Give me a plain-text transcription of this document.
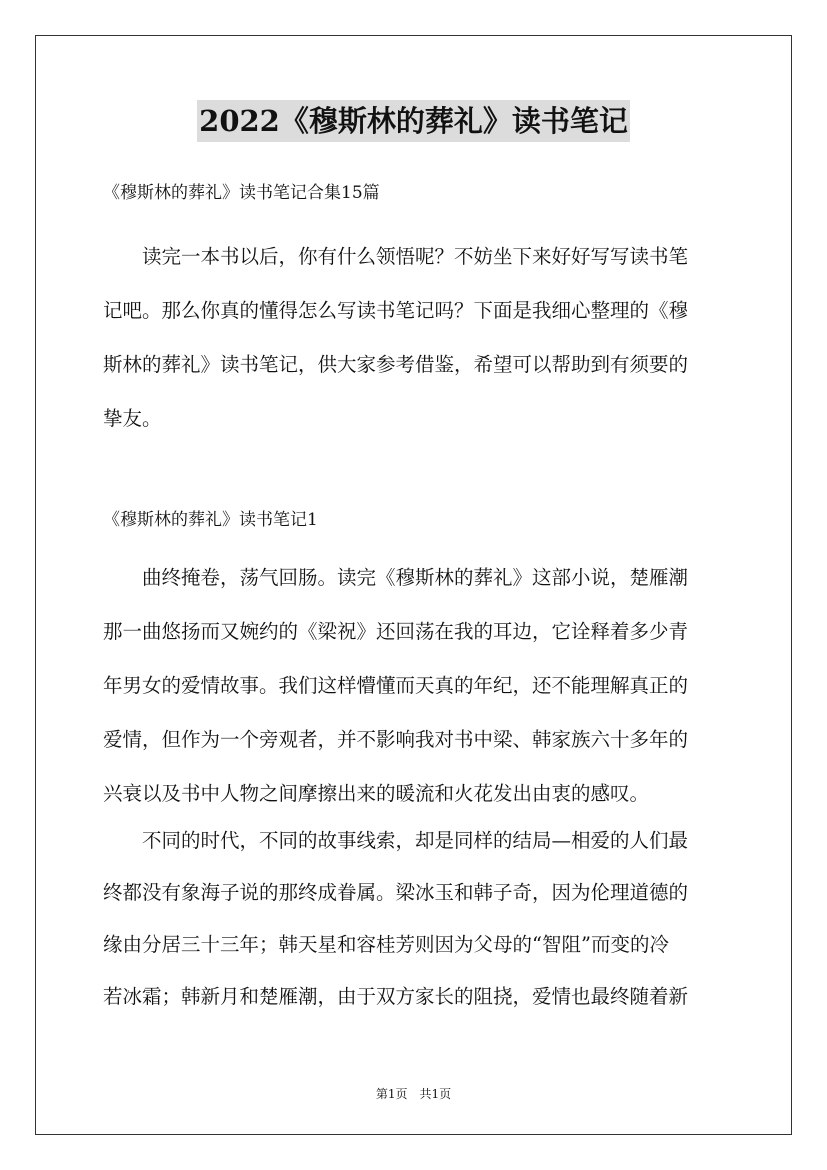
2022《穆斯林的葬礼》读书笔记
《穆斯林的葬礼》读书笔记合集15篇

　　读完一本书以后，你有什么领悟呢？不妨坐下来好好写写读书笔
记吧。那么你真的懂得怎么写读书笔记吗？下面是我细心整理的《穆
斯林的葬礼》读书笔记，供大家参考借鉴，希望可以帮助到有须要的
挚友。

《穆斯林的葬礼》读书笔记1

　　曲终掩卷，荡气回肠。读完《穆斯林的葬礼》这部小说，楚雁潮
那一曲悠扬而又婉约的《梁祝》还回荡在我的耳边，它诠释着多少青
年男女的爱情故事。我们这样懵懂而天真的年纪，还不能理解真正的
爱情，但作为一个旁观者，并不影响我对书中梁、韩家族六十多年的
兴衰以及书中人物之间摩擦出来的暖流和火花发出由衷的感叹。

　　不同的时代，不同的故事线索，却是同样的结局—相爱的人们最
终都没有象海子说的那终成眷属。梁冰玉和韩子奇，因为伦理道德的
缘由分居三十三年；韩天星和容桂芳则因为父母的“智阻”而变的冷
若冰霜；韩新月和楚雁潮，由于双方家长的阻挠，爱情也最终随着新

第1页　共1页
